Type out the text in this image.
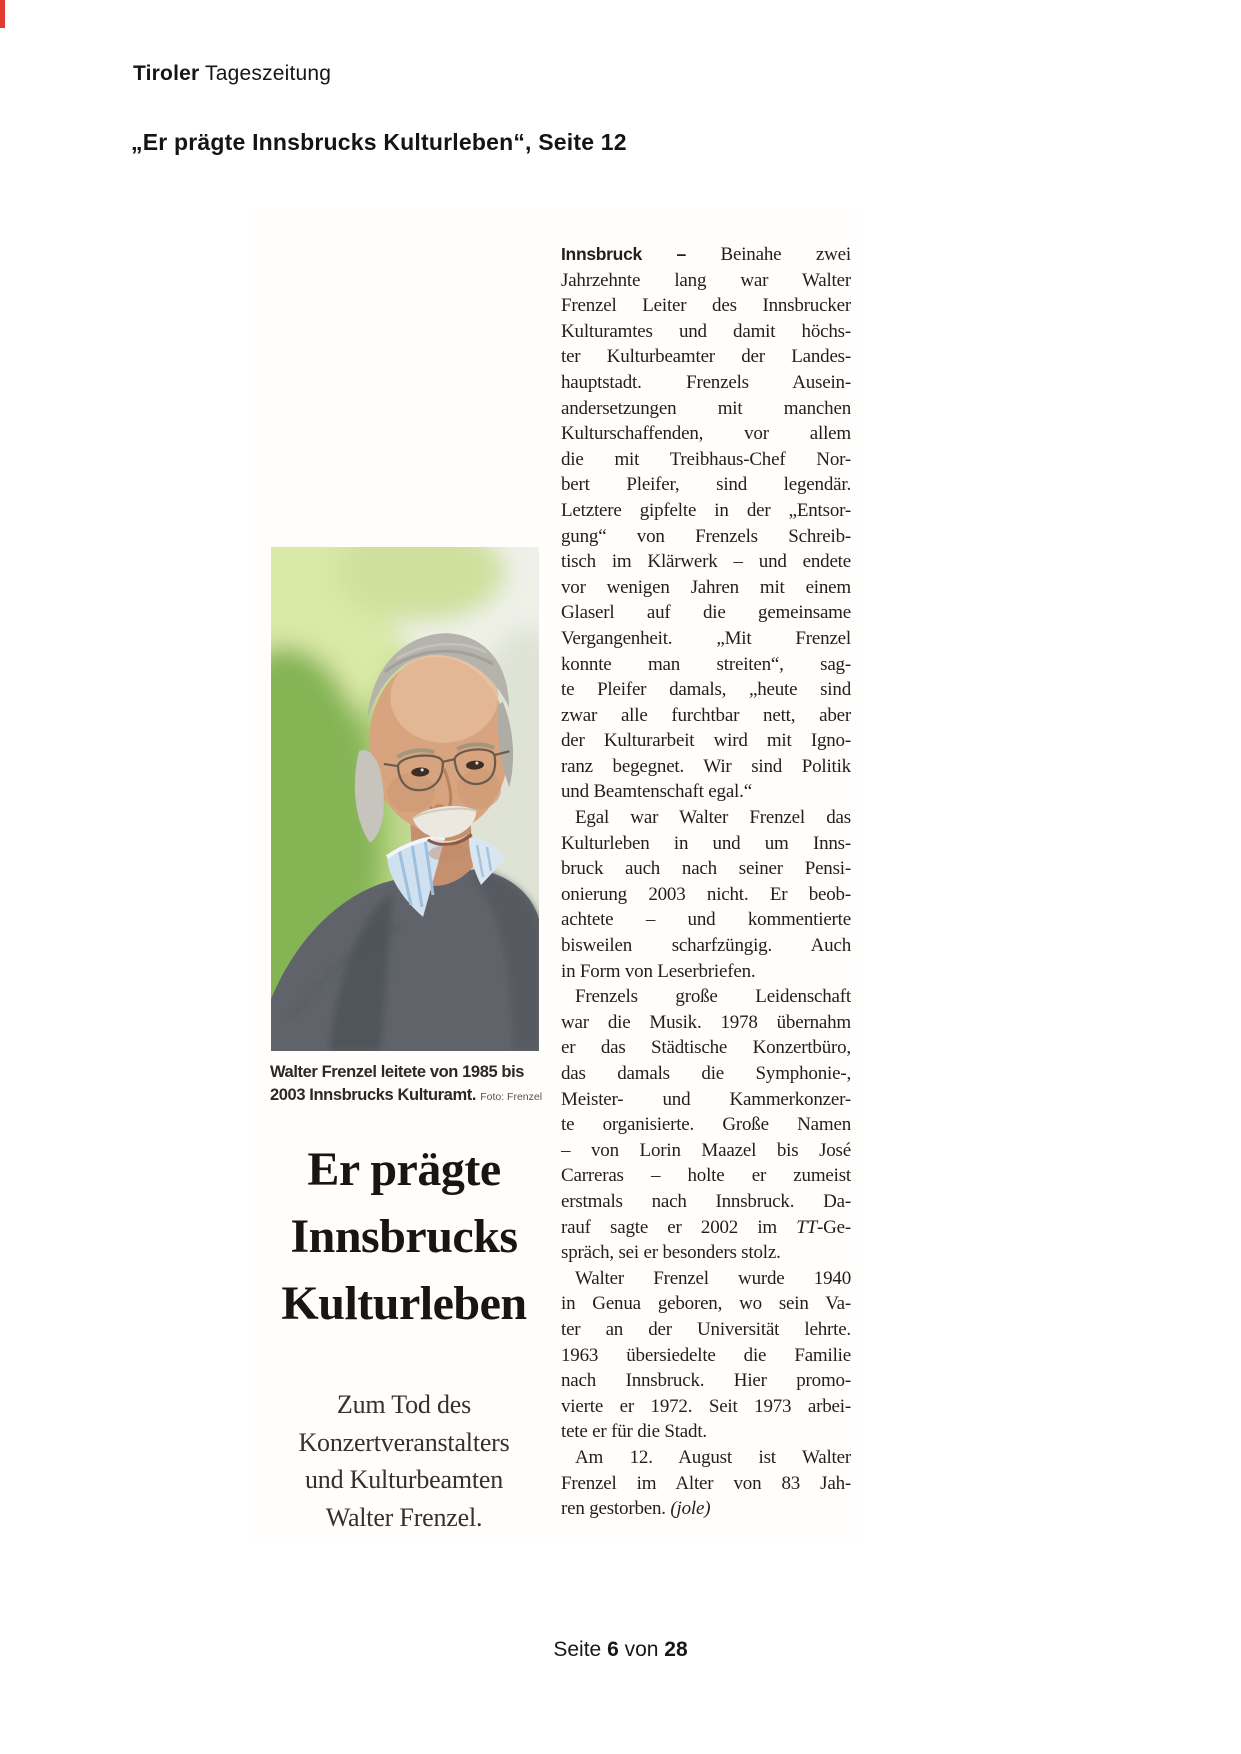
Tiroler Tageszeitung
„Er prägte Innsbrucks Kulturleben“, Seite 12
Walter Frenzel leitete von 1985 bis
2003 Innsbrucks Kulturamt. Foto: Frenzel
Er prägte
Innsbrucks
Kulturleben
Zum Tod des
Konzertveranstalters
und Kulturbeamten
Walter Frenzel.
Innsbruck – Beinahe zwei
Jahrzehnte lang war Walter
Frenzel Leiter des Innsbrucker
Kulturamtes und damit höchs-
ter Kulturbeamter der Landes-
hauptstadt. Frenzels Ausein-
andersetzungen mit manchen
Kulturschaffenden, vor allem
die mit Treibhaus-Chef Nor-
bert Pleifer, sind legendär.
Letztere gipfelte in der „Entsor-
gung“ von Frenzels Schreib-
tisch im Klärwerk – und endete
vor wenigen Jahren mit einem
Glaserl auf die gemeinsame
Vergangenheit. „Mit Frenzel
konnte man streiten“, sag-
te Pleifer damals, „heute sind
zwar alle furchtbar nett, aber
der Kulturarbeit wird mit Igno-
ranz begegnet. Wir sind Politik
und Beamtenschaft egal.“
Egal war Walter Frenzel das
Kulturleben in und um Inns-
bruck auch nach seiner Pensi-
onierung 2003 nicht. Er beob-
achtete – und kommentierte
bisweilen scharfzüngig. Auch
in Form von Leserbriefen.
Frenzels große Leidenschaft
war die Musik. 1978 übernahm
er das Städtische Konzertbüro,
das damals die Symphonie-,
Meister- und Kammerkonzer-
te organisierte. Große Namen
– von Lorin Maazel bis José
Carreras – holte er zumeist
erstmals nach Innsbruck. Da-
rauf sagte er 2002 im TT-Ge-
spräch, sei er besonders stolz.
Walter Frenzel wurde 1940
in Genua geboren, wo sein Va-
ter an der Universität lehrte.
1963 übersiedelte die Familie
nach Innsbruck. Hier promo-
vierte er 1972. Seit 1973 arbei-
tete er für die Stadt.
Am 12. August ist Walter
Frenzel im Alter von 83 Jah-
ren gestorben. (jole)
Seite 6 von 28
